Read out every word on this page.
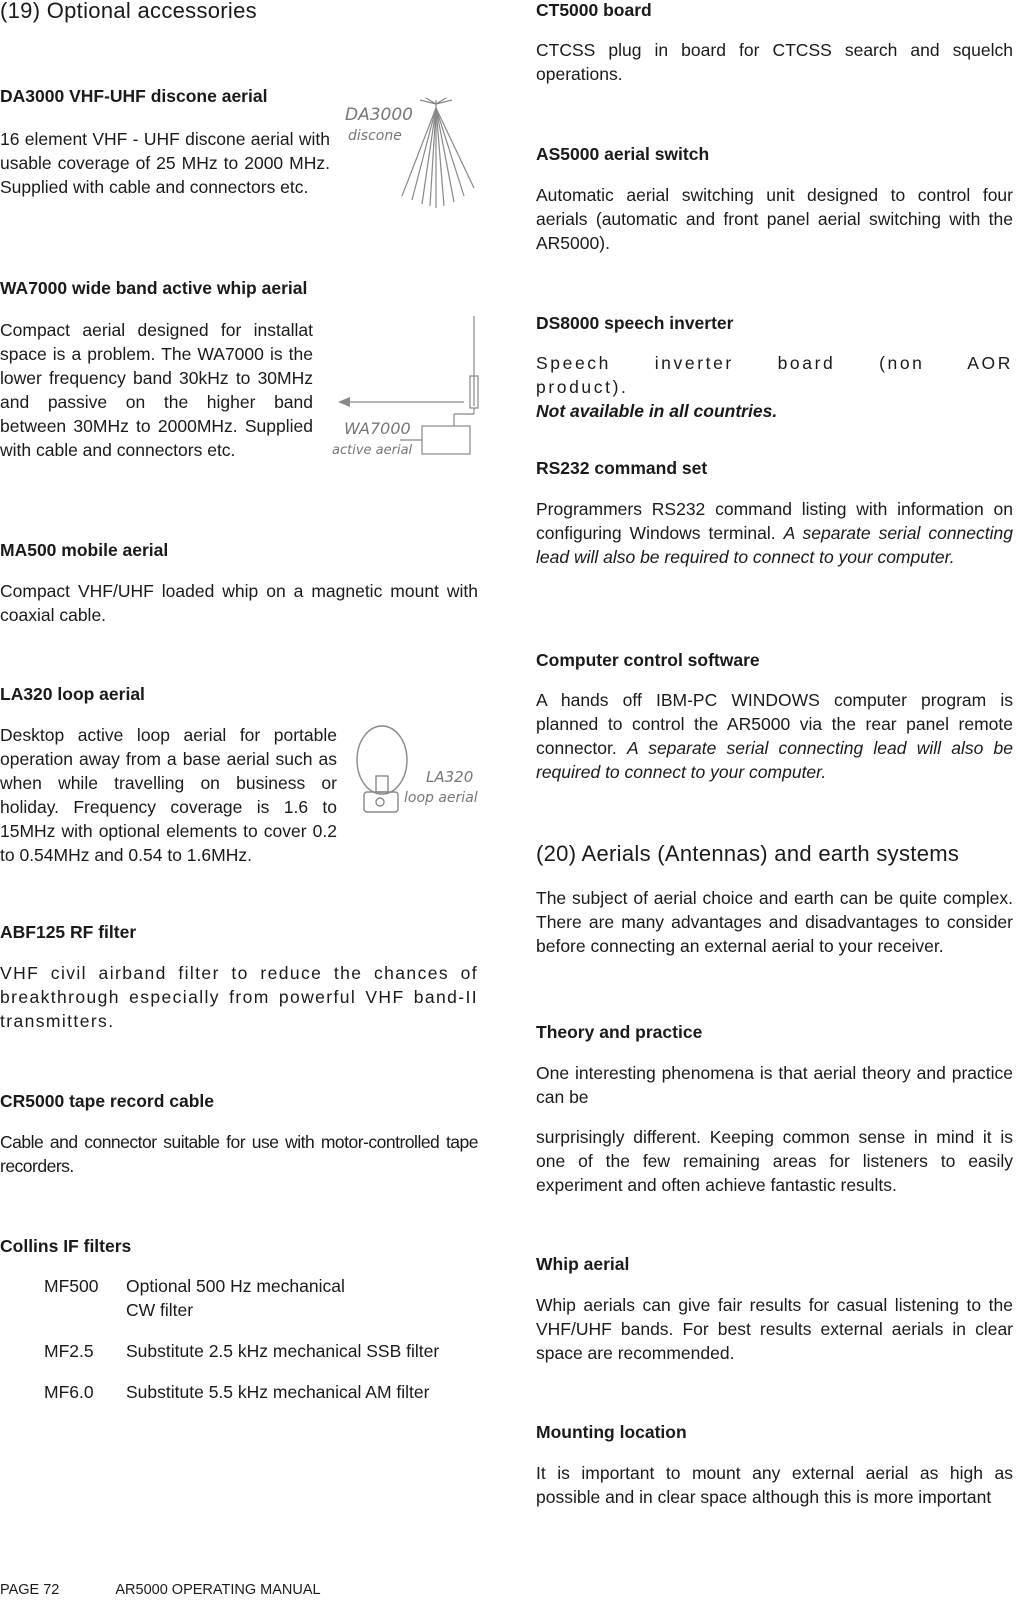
(19) Optional accessories
DA3000 VHF-UHF discone aerial

16 element VHF - UHF discone aerial with usable coverage of 25 MHz to 2000 MHz. Supplied with cable and connectors etc.

DA3000
discone
WA7000 wide band active whip aerial

Compact aerial designed for installat space is a problem. The WA7000 is the lower frequency band 30kHz to 30MHz and passive on the higher band between 30MHz to 2000MHz. Supplied with cable and connectors etc.

WA7000
active aerial
MA500 mobile aerial

Compact VHF/UHF loaded whip on a magnetic mount with coaxial cable.

LA320 loop aerial

Desktop active loop aerial for portable operation away from a base aerial such as when while travelling on business or holiday. Frequency coverage is 1.6 to 15MHz with optional elements to cover 0.2 to 0.54MHz and 0.54 to 1.6MHz.

LA320
loop aerial
ABF125 RF filter

VHF civil airband filter to reduce the chances of breakthrough especially from powerful VHF band-II transmitters.

CR5000 tape record cable

Cable and connector suitable for use with motor-controlled tape recorders.

Collins IF filters
MF500 Optional 500 Hz mechanical
CW filter
MF2.5 Substitute 2.5 kHz mechanical SSB filter
MF6.0 Substitute 5.5 kHz mechanical AM filter
CT5000 board

CTCSS plug in board for CTCSS search and squelch operations.

AS5000 aerial switch

Automatic aerial switching unit designed to control four aerials (automatic and front panel aerial switching with the AR5000).

DS8000 speech inverter

Speech inverter board (non AOR product).
Not available in all countries.

RS232 command set

Programmers RS232 command listing with information on configuring Windows terminal. A separate serial connecting lead will also be required to connect to your computer.

Computer control software

A hands off IBM-PC WINDOWS computer program is planned to control the AR5000 via the rear panel remote connector. A separate serial connecting lead will also be required to connect to your computer.

(20) Aerials (Antennas) and earth systems

The subject of aerial choice and earth can be quite complex. There are many advantages and disadvantages to consider before connecting an external aerial to your receiver.

Theory and practice

One interesting phenomena is that aerial theory and practice can be

surprisingly different. Keeping common sense in mind it is one of the few remaining areas for listeners to easily experiment and often achieve fantastic results.

Whip aerial

Whip aerials can give fair results for casual listening to the VHF/UHF bands. For best results external aerials in clear space are recommended.

Mounting location

It is important to mount any external aerial as high as possible and in clear space although this is more important

PAGE 72	AR5000 OPERATING MANUAL
